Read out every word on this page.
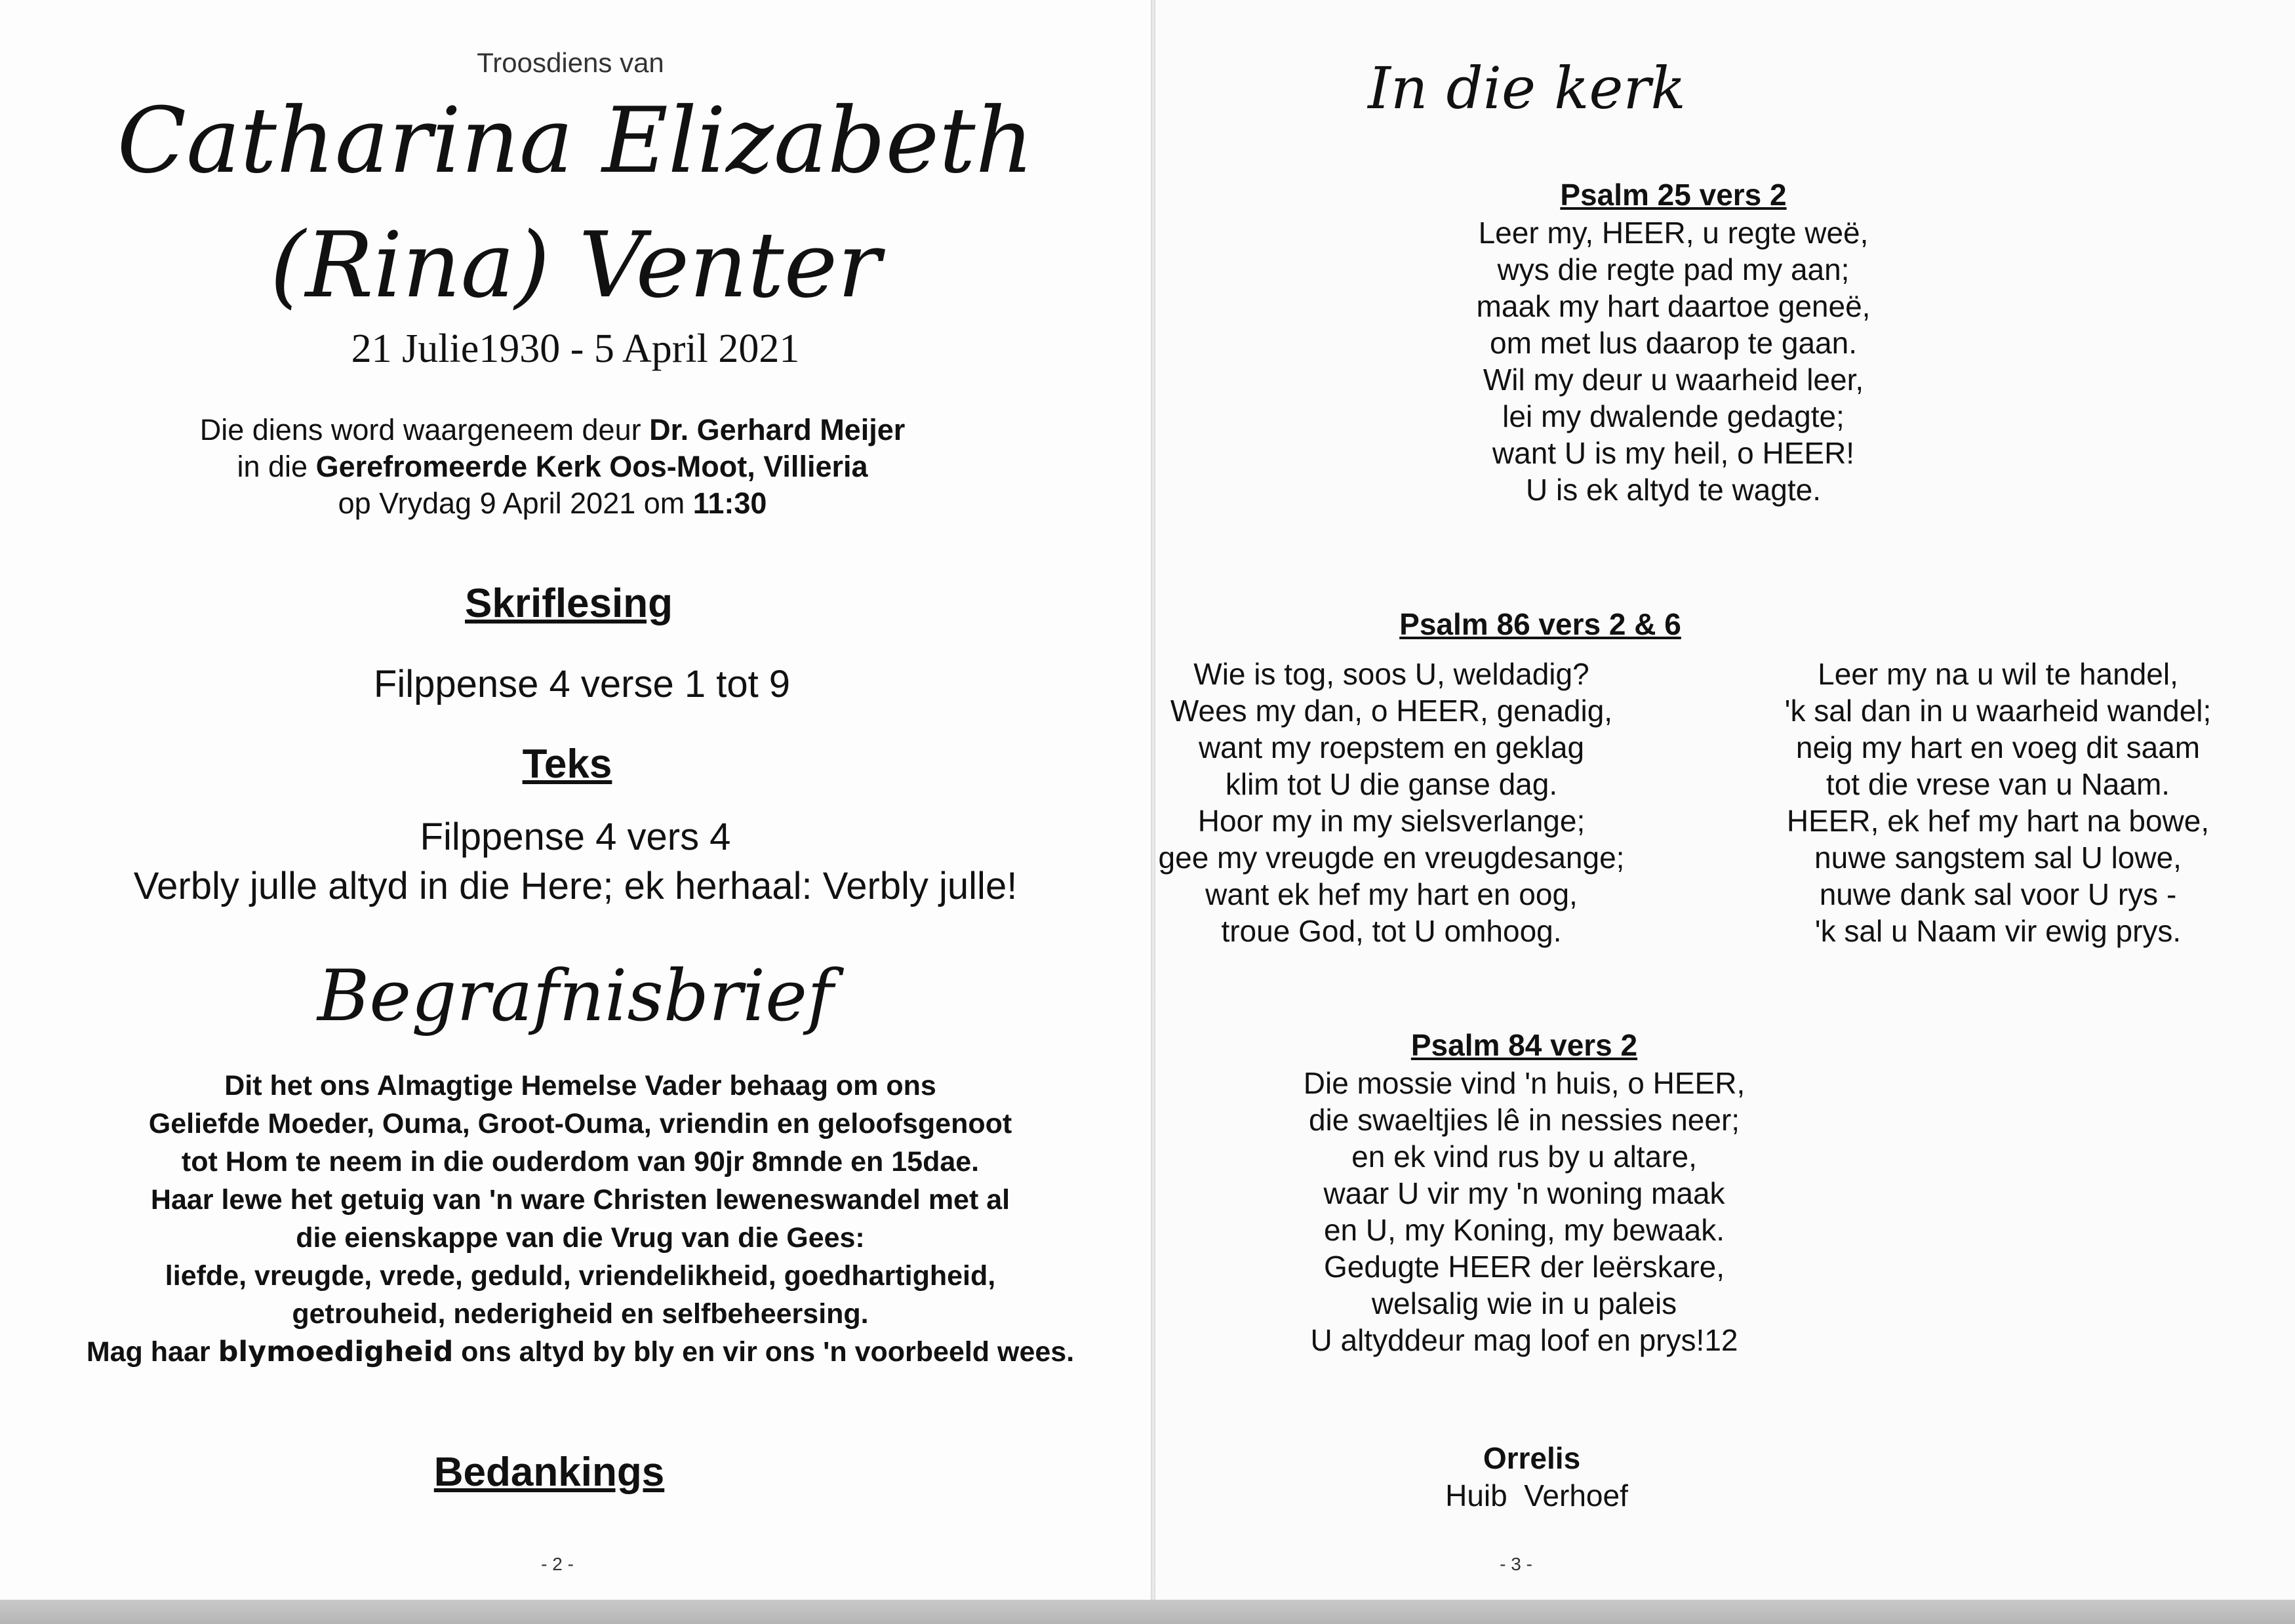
Troosdiens van
Catharina Elizabeth
(Rina) Venter
21 Julie1930 - 5 April 2021
Die diens word waargeneem deur Dr. Gerhard Meijer
in die Gerefromeerde Kerk Oos-Moot, Villieria
op Vrydag 9 April 2021 om 11:30
Skriflesing
Filppense 4 verse 1 tot 9
Teks
Filppense 4 vers 4
Verbly julle altyd in die Here; ek herhaal: Verbly julle!
Begrafnisbrief
Dit het ons Almagtige Hemelse Vader behaag om ons
Geliefde Moeder, Ouma, Groot-Ouma, vriendin en geloofsgenoot
tot Hom te neem in die ouderdom van 90jr 8mnde en 15dae.
Haar lewe het getuig van 'n ware Christen leweneswandel met al
die eienskappe van die Vrug van die Gees:
liefde, vreugde, vrede, geduld, vriendelikheid, goedhartigheid,
getrouheid, nederigheid en selfbeheersing.
Mag haar blymoedigheid ons altyd by bly en vir ons 'n voorbeeld wees.
Bedankings
- 2 -
In die kerk
Psalm 25 vers 2
Leer my, HEER, u regte weë,
wys die regte pad my aan;
maak my hart daartoe geneë,
om met lus daarop te gaan.
Wil my deur u waarheid leer,
lei my dwalende gedagte;
want U is my heil, o HEER!
U is ek altyd te wagte.
Psalm 86 vers 2 & 6
Wie is tog, soos U, weldadig?
Wees my dan, o HEER, genadig,
want my roepstem en geklag
klim tot U die ganse dag.
Hoor my in my sielsverlange;
gee my vreugde en vreugdesange;
want ek hef my hart en oog,
troue God, tot U omhoog.
Leer my na u wil te handel,
'k sal dan in u waarheid wandel;
neig my hart en voeg dit saam
tot die vrese van u Naam.
HEER, ek hef my hart na bowe,
nuwe sangstem sal U lowe,
nuwe dank sal voor U rys -
'k sal u Naam vir ewig prys.
Psalm 84 vers 2
Die mossie vind 'n huis, o HEER,
die swaeltjies lê in nessies neer;
en ek vind rus by u altare,
waar U vir my 'n woning maak
en U, my Koning, my bewaak.
Gedugte HEER der leërskare,
welsalig wie in u paleis
U altyddeur mag loof en prys!12
Orrelis
Huib  Verhoef
- 3 -
